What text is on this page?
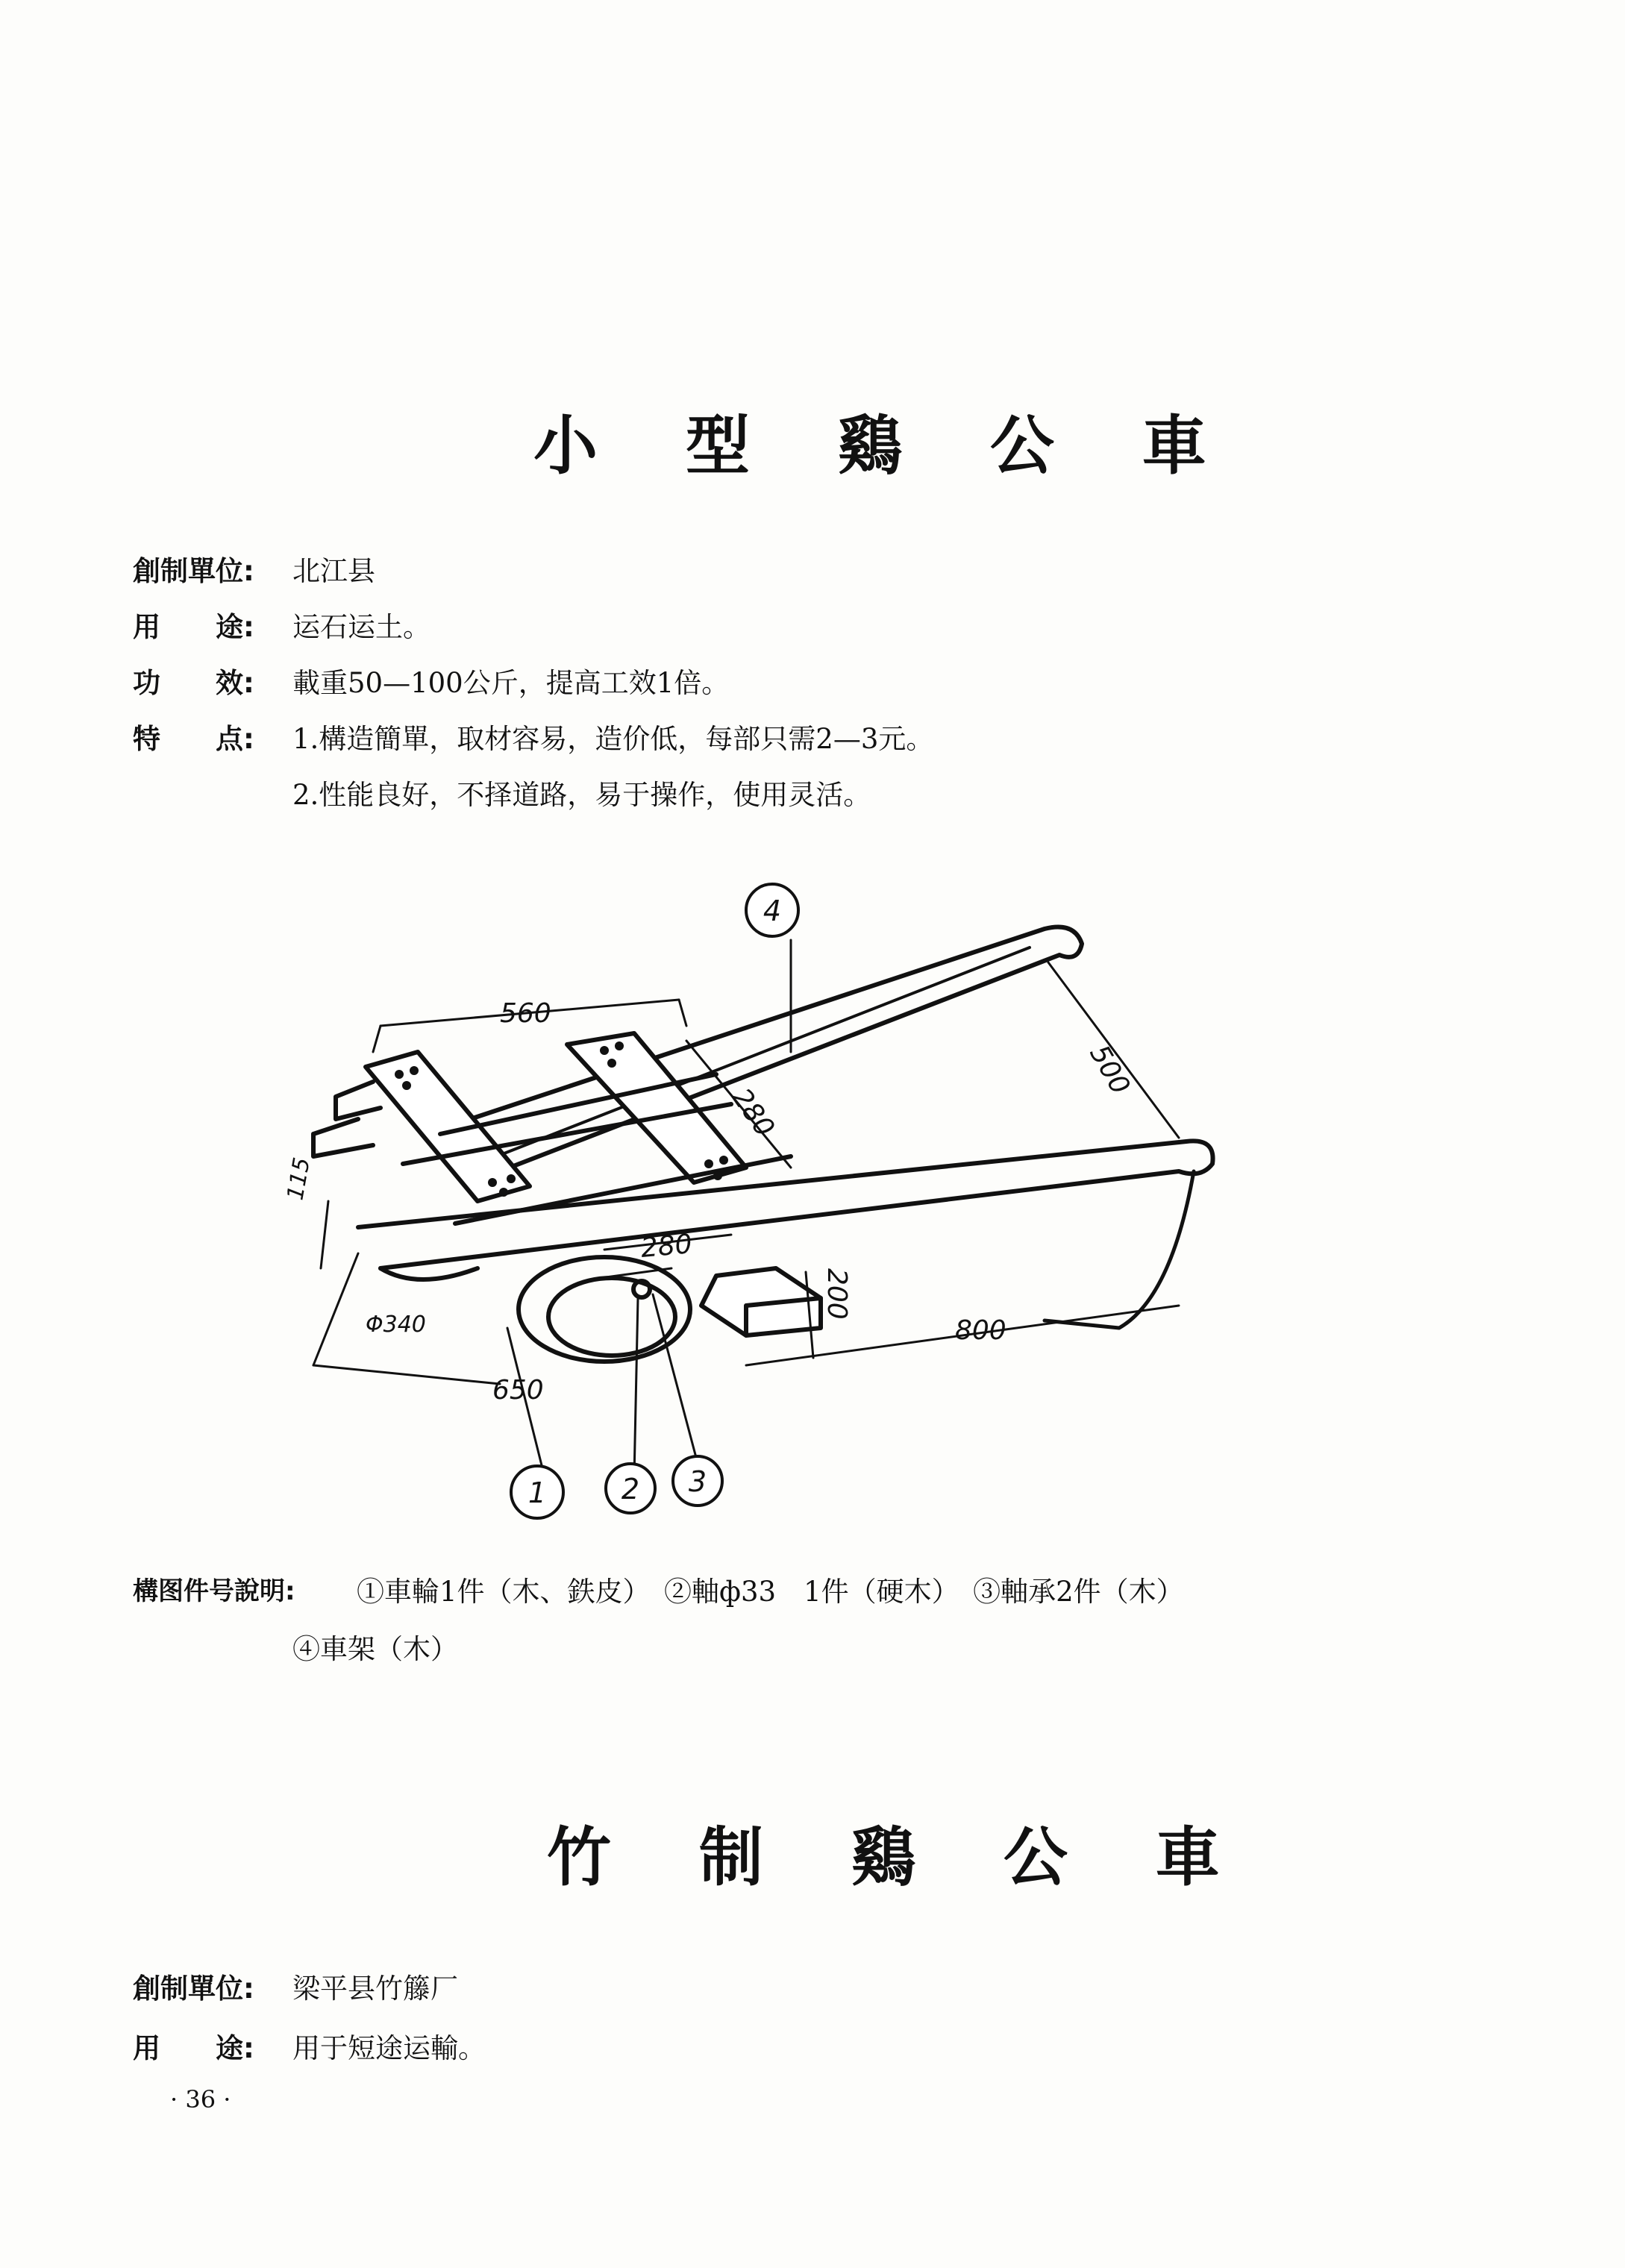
小 型 鷄 公 車
創制單位: 北江县
用　　途: 运石运土。
功　　效: 載重50—100公斤，提高工效1倍。
特　　点: 1.構造簡單，取材容易，造价低，每部只需2—3元。
2.性能良好，不择道路，易于操作，使用灵活。
560
500
280
280
115
200
800
650
Φ340
4
1	2 3
構图件号說明: ①車輪1件（木、鉄皮）　②軸ф33　1件（硬木）　③軸承2件（木）
④車架（木）
竹 制 鷄 公 車
創制單位: 梁平县竹籐厂
用　　途: 用于短途运輸。
· 36 ·
